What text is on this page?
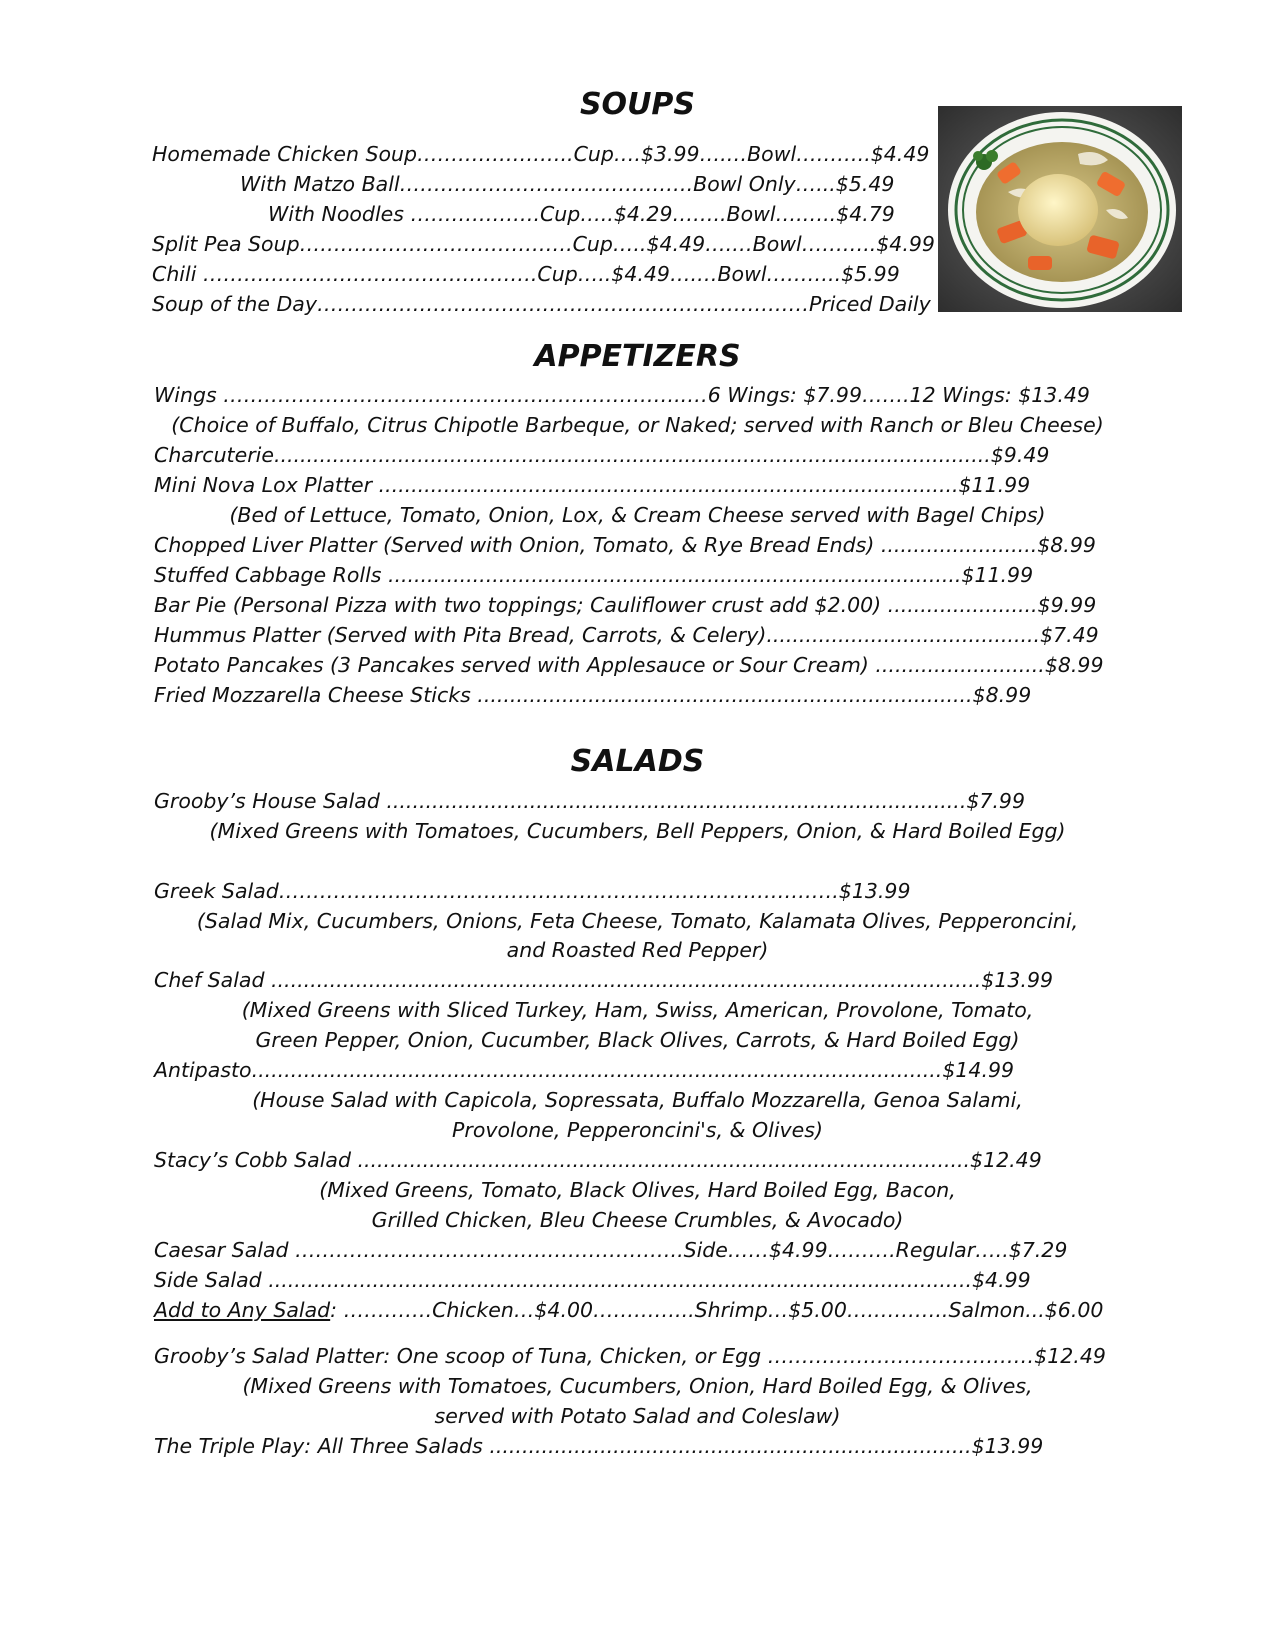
SOUPS
Homemade Chicken Soup…………………..Cup….$3.99….…Bowl………..$4.49
With Matzo Ball…………………………………….Bowl Only…...$5.49
With Noodles ……………….Cup…..$4.29……..Bowl….…..$4.79
Split Pea Soup………………………………….Cup…..$4.49….…Bowl………..$4.99
Chili ………………………………………….Cup…..$4.49….…Bowl………..$5.99
Soup of the Day………………………………………………………………Priced Daily
APPETIZERS
Wings …………………………………………………………..…6 Wings: $7.99…….12 Wings: $13.49
(Choice of Buffalo, Citrus Chipotle Barbeque, or Naked; served with Ranch or Bleu Cheese)
Charcuterie..............................................................................................................$9.49
Mini Nova Lox Platter .........................................................................................$11.99
(Bed of Lettuce, Tomato, Onion, Lox, & Cream Cheese served with Bagel Chips)
Chopped Liver Platter (Served with Onion, Tomato, & Rye Bread Ends) ........................$8.99
Stuffed Cabbage Rolls ........................................................................................$11.99
Bar Pie (Personal Pizza with two toppings; Cauliflower crust add $2.00) .......................$9.99
Hummus Platter (Served with Pita Bread, Carrots, & Celery)..........................................$7.49
Potato Pancakes (3 Pancakes served with Applesauce or Sour Cream) ..........................$8.99
Fried Mozzarella Cheese Sticks ............................................................................$8.99
SALADS
Grooby’s House Salad .........................................................................................$7.99
(Mixed Greens with Tomatoes, Cucumbers, Bell Peppers, Onion, & Hard Boiled Egg)
Greek Salad……………………………………………………………………….$13.99
(Salad Mix, Cucumbers, Onions, Feta Cheese, Tomato, Kalamata Olives, Pepperoncini,
and Roasted Red Pepper)
Chef Salad .............................................................................................................$13.99
(Mixed Greens with Sliced Turkey, Ham, Swiss, American, Provolone, Tomato,
Green Pepper, Onion, Cucumber, Black Olives, Carrots, & Hard Boiled Egg)
Antipasto..........................................................................................................$14.99
(House Salad with Capicola, Sopressata, Buffalo Mozzarella, Genoa Salami,
Provolone, Pepperoncini's, & Olives)
Stacy’s Cobb Salad ..............................................................................................$12.49
(Mixed Greens, Tomato, Black Olives, Hard Boiled Egg, Bacon,
Grilled Chicken, Bleu Cheese Crumbles, & Avocado)
Caesar Salad ……………………………….………………..Side……$4.99……….Regular…..$7.29
Side Salad ............................................................................................................$4.99
Add to Any Salad: ………….Chicken…$4.00…………...Shrimp…$5.00….………..Salmon...$6.00
Grooby’s Salad Platter: One scoop of Tuna, Chicken, or Egg …………………………………$12.49
(Mixed Greens with Tomatoes, Cucumbers, Onion, Hard Boiled Egg, & Olives,
served with Potato Salad and Coleslaw)
The Triple Play: All Three Salads ..........................................................................$13.99
